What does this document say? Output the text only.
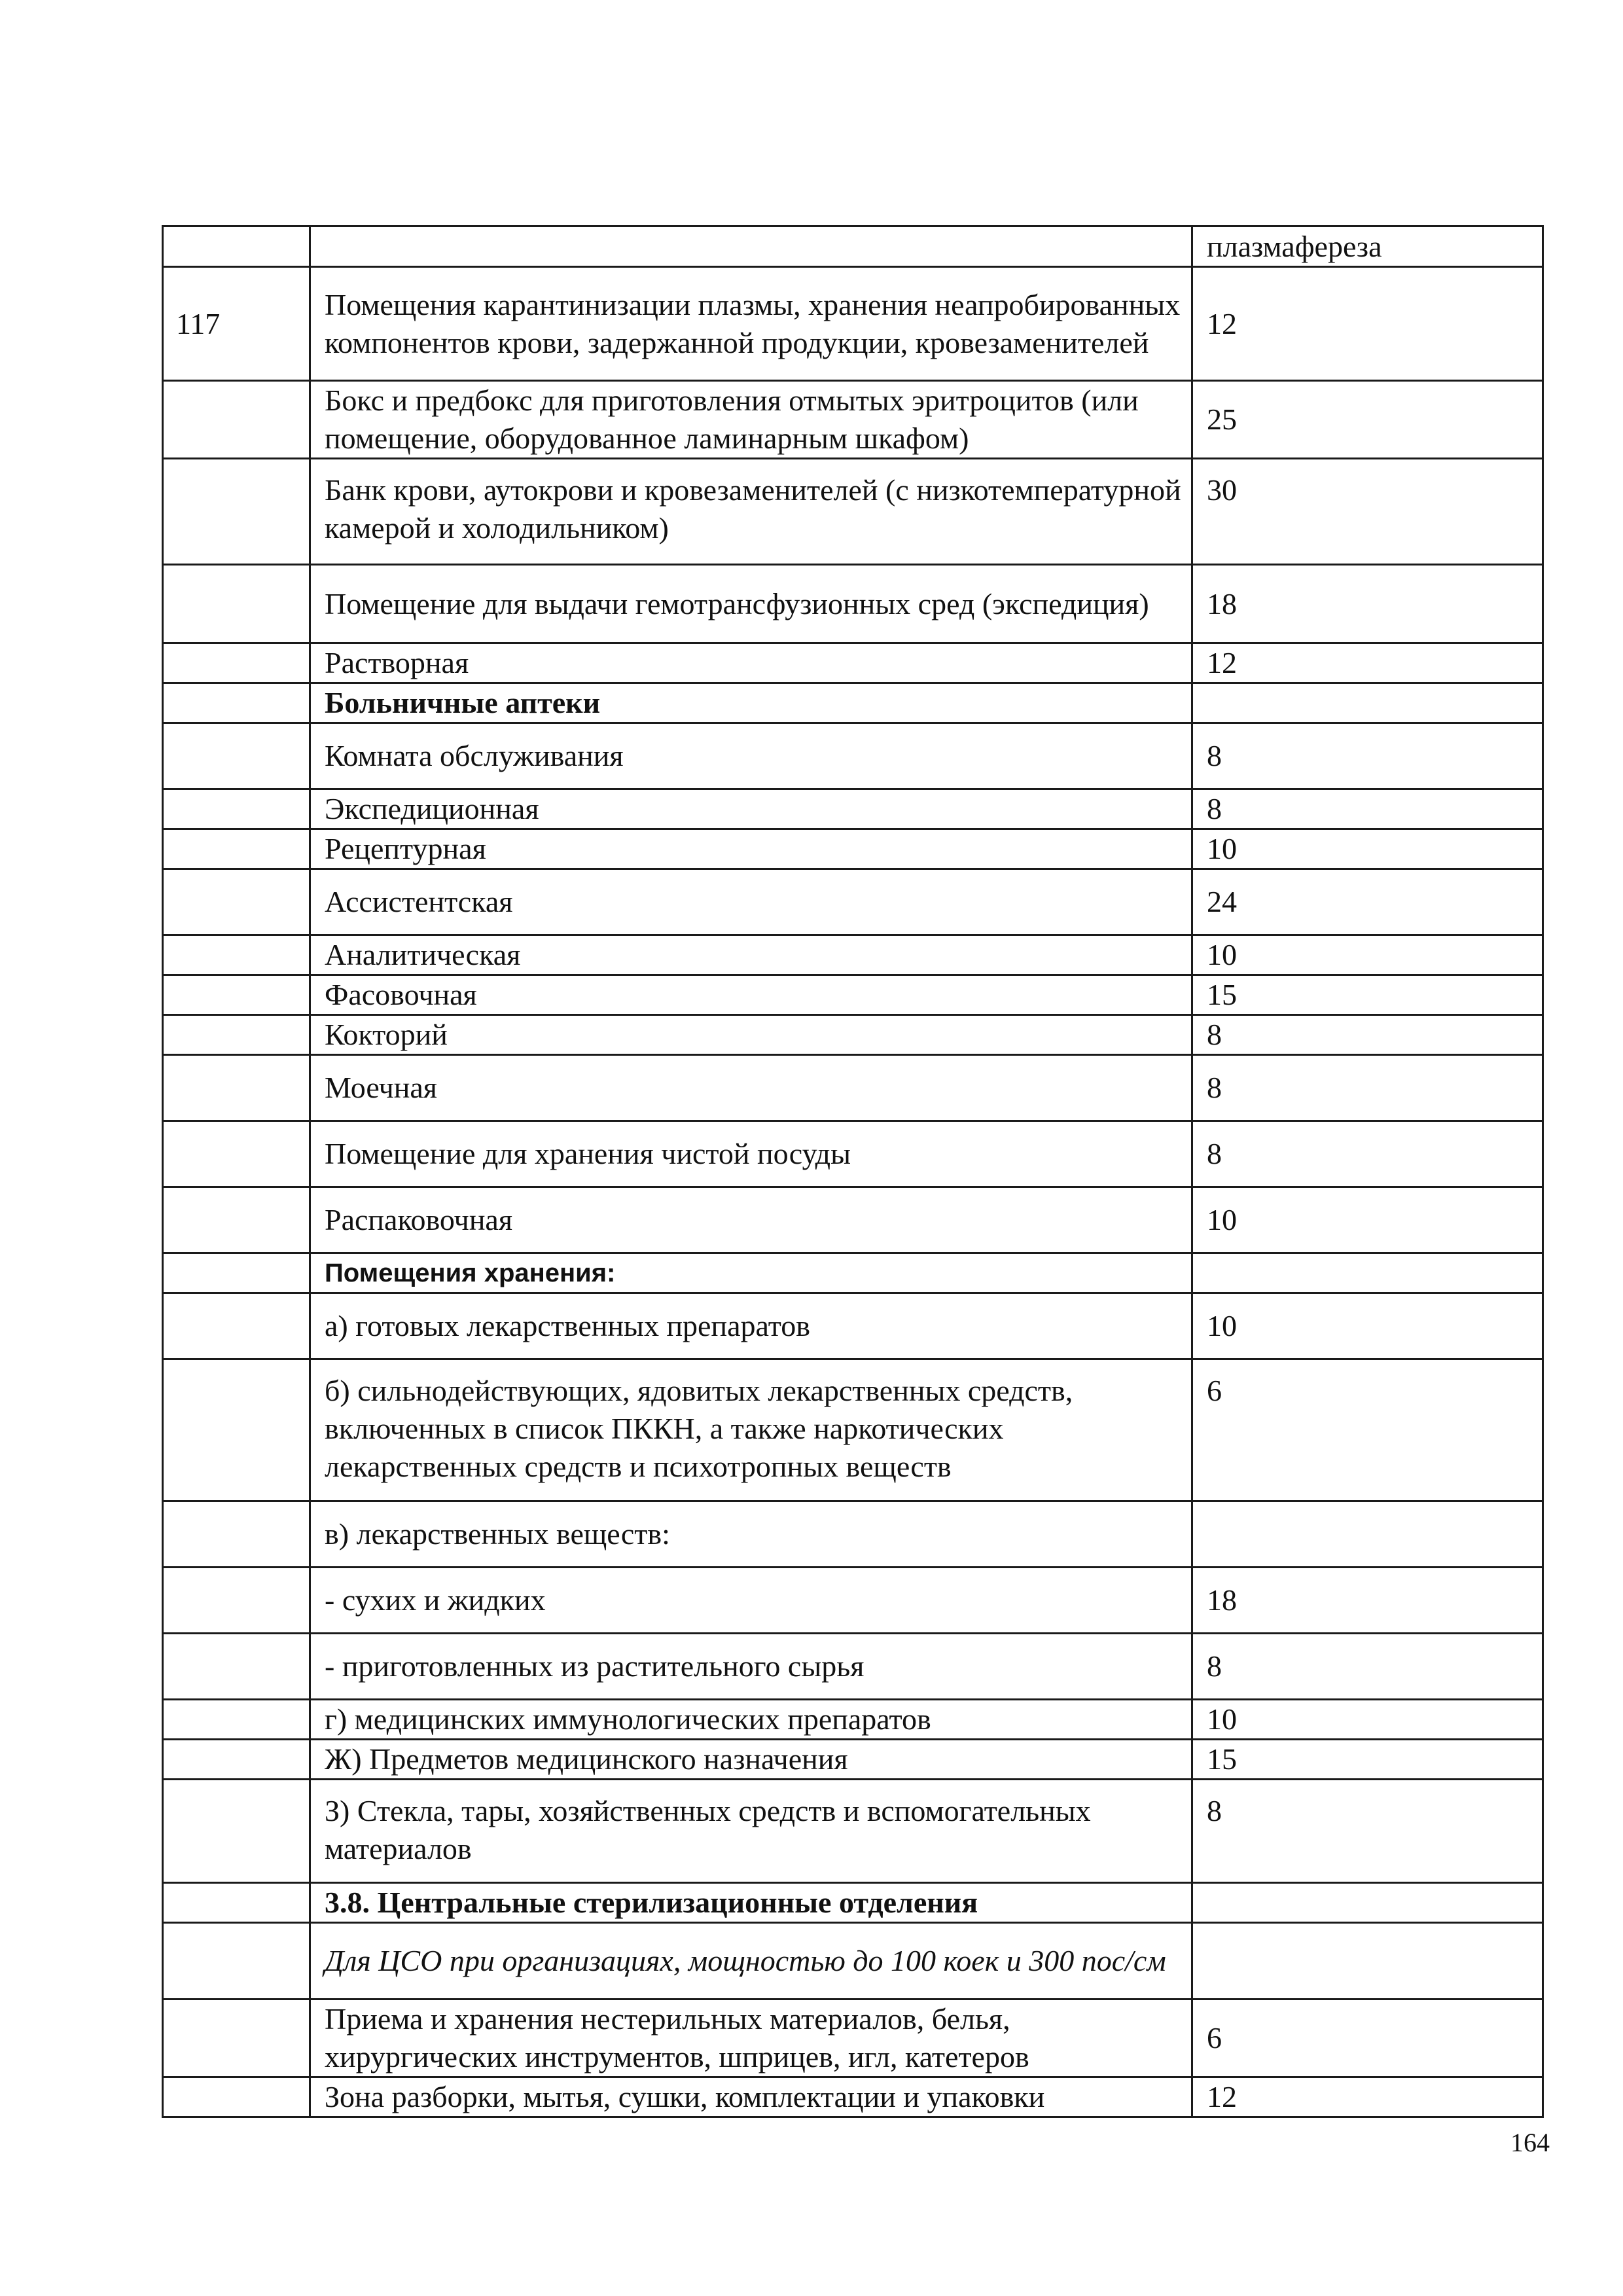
		плазмафереза
117	Помещения карантинизации плазмы, хранения неапробированных компонентов крови, задержанной продукции, кровезаменителей	12
	Бокс и предбокс для приготовления отмытых эритроцитов (или помещение, оборудованное ламинарным шкафом)	25
	Банк крови, аутокрови и кровезаменителей (с низкотемпературной камерой и холодильником)	30
	Помещение для выдачи гемотрансфузионных сред (экспедиция)	18
	Растворная	12
	Больничные аптеки	
	Комната обслуживания	8
	Экспедиционная	8
	Рецептурная	10
	Ассистентская	24
	Аналитическая	10
	Фасовочная	15
	Кокторий	8
	Моечная	8
	Помещение для хранения чистой посуды	8
	Распаковочная	10
	Помещения хранения:	
	а) готовых лекарственных препаратов	10
	б) сильнодействующих, ядовитых лекарственных средств, включенных в список ПККН, а также наркотических лекарственных средств и психотропных веществ	6
	в) лекарственных веществ:	
	- сухих и жидких	18
	- приготовленных из растительного сырья	8
	г) медицинских иммунологических препаратов	10
	Ж) Предметов медицинского назначения	15
	З) Стекла, тары, хозяйственных средств и вспомогательных материалов	8
	3.8. Центральные стерилизационные отделения	
	Для ЦСО при организациях, мощностью до 100 коек и 300 пос/см	
	Приема и хранения нестерильных материалов, белья, хирургических инструментов, шприцев, игл, катетеров	6
	Зона разборки, мытья, сушки, комплектации и упаковки	12
164
